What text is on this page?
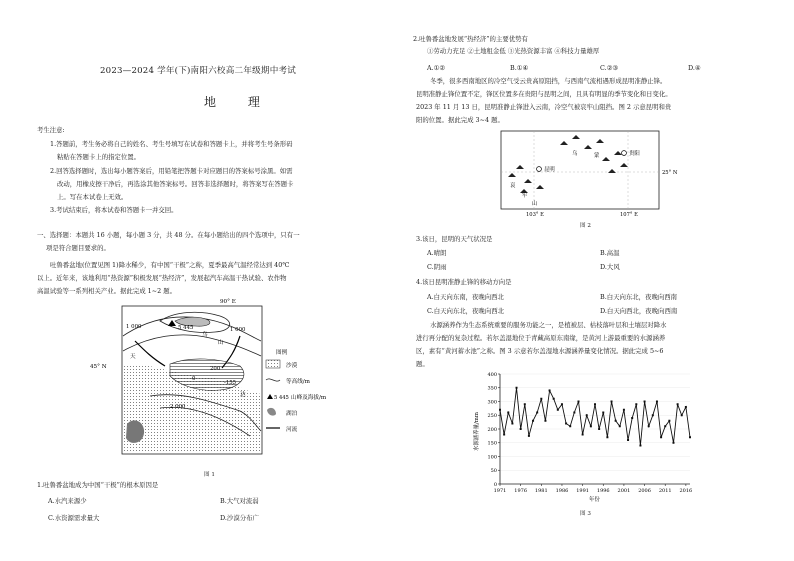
2023—2024 学年(下)南阳六校高二年级期中考试
地 理
考生注意:
1.答题前，考生务必将自己的姓名、考生号填写在试卷和答题卡上，并将考生号条形码
粘贴在答题卡上的指定位置。
2.回答选择题时，选出每小题答案后，用铅笔把答题卡对应题目的答案标号涂黑。如需
改动，用橡皮擦干净后，再选涂其他答案标号。回答非选择题时，将答案写在答题卡
上。写在本试卷上无效。
3.考试结束后，将本试卷和答题卡一并交回。
一、选择题：本题共 16 小题，每小题 3 分，共 48 分。在每小题给出的四个选项中，只有一
项是符合题目要求的。
吐鲁番盆地(位置见图 1)降水稀少，有中国“干极”之称，夏季最高气温经常达到 40℃
以上。近年来，该地利用“热资源”积极发展“热经济”，发展起汽车高温干热试验、农作物
高温试验等一系列相关产业。据此完成 1~2 题。
90° E
45° N
1 000	1 000
2 000
5 445
200
0
-155
天
乌
山
达
图例
沙漠
等高线/m
5 445 山峰及海拔/m
湖泊
河流
图 1
1.吐鲁番盆地成为中国“干极”的根本原因是
A.水汽来源少	B.大气对流弱
C.水资源需求量大	D.沙漠分布广
2.吐鲁番盆地发展“热经济”的主要优势有
①劳动力充足 ②土地租金低 ③光热资源丰富 ④科技力量雄厚
A.①②	B.①④	C.②③	D.④
冬季，很多西南地区的冷空气受云贵高原阻挡，与西南气流相遇形成昆明准静止锋。
昆明准静止锋位置不定，锋区位置多在贵阳与昆明之间，且具有明显的季节变化和日变化。
2023 年 11 月 13 日，昆明准静止锋进入云南，冷空气被哀牢山阻挡。图 2 示意昆明和贵
阳的位置。据此完成 3~4 题。
昆明
贵阳
哀
牢
山
乌	蒙
25° N
103° E	107° E
图 2
3.该日，昆明的天气状况是
A.晴朗	B.高温
C.阴雨	D.大风
4.该日昆明准静止锋的移动方向是
A.白天向东南，夜晚向西北	B.白天向东北，夜晚向西南
C.白天向东北，夜晚向西北	D.白天向西北，夜晚向西南
水源涵养作为生态系统重要的服务功能之一，是植被层、枯枝落叶层和土壤层对降水
进行再分配的复杂过程。若尔盖湿地位于青藏高原东南缘，是黄河上游最重要的水源涵养
区，素有“黄河蓄水池”之称。图 3 示意若尔盖湿地水源涵养量变化情况。据此完成 5~6
题。
0
50
100
150
200
250
300
350
400
1971 1976 1981 1986 1991 1996 2001 2006 2011 2016
水源涵养量/mm
年份
图 3
